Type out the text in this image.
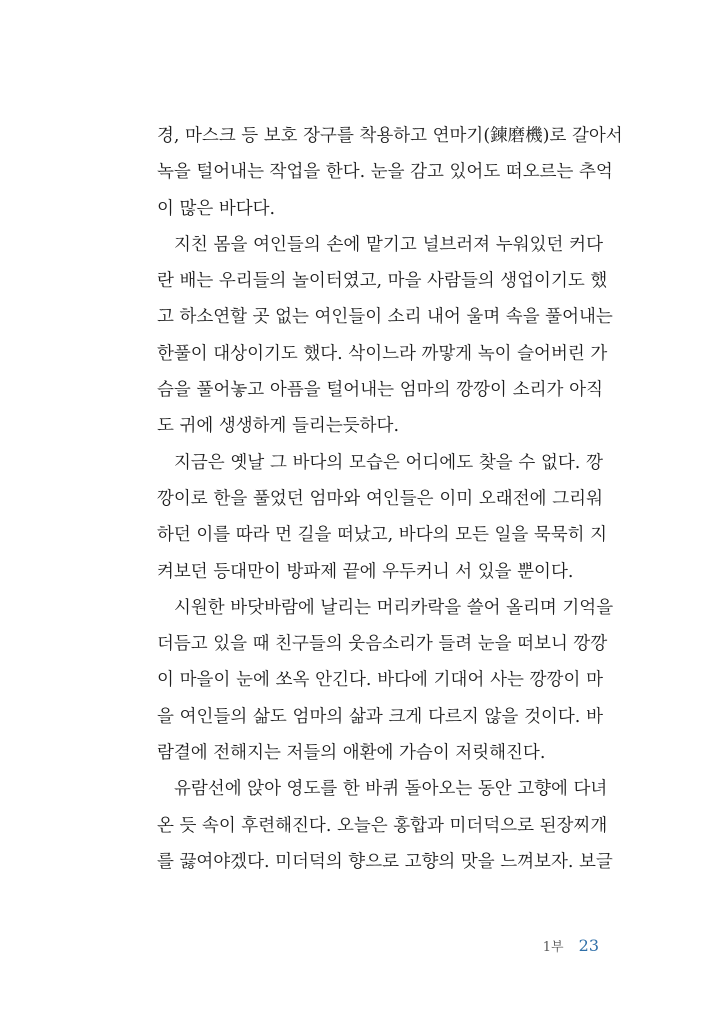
경, 마스크 등 보호 장구를 착용하고 연마기(鍊磨機)로 갈아서
녹을 털어내는 작업을 한다. 눈을 감고 있어도 떠오르는 추억
이 많은 바다다.
지친 몸을 여인들의 손에 맡기고 널브러져 누워있던 커다
란 배는 우리들의 놀이터였고, 마을 사람들의 생업이기도 했
고 하소연할 곳 없는 여인들이 소리 내어 울며 속을 풀어내는
한풀이 대상이기도 했다. 삭이느라 까맣게 녹이 슬어버린 가
슴을 풀어놓고 아픔을 털어내는 엄마의 깡깡이 소리가 아직
도 귀에 생생하게 들리는듯하다.
지금은 옛날 그 바다의 모습은 어디에도 찾을 수 없다. 깡
깡이로 한을 풀었던 엄마와 여인들은 이미 오래전에 그리워
하던 이를 따라 먼 길을 떠났고, 바다의 모든 일을 묵묵히 지
켜보던 등대만이 방파제 끝에 우두커니 서 있을 뿐이다.
시원한 바닷바람에 날리는 머리카락을 쓸어 올리며 기억을
더듬고 있을 때 친구들의 웃음소리가 들려 눈을 떠보니 깡깡
이 마을이 눈에 쏘옥 안긴다. 바다에 기대어 사는 깡깡이 마
을 여인들의 삶도 엄마의 삶과 크게 다르지 않을 것이다. 바
람결에 전해지는 저들의 애환에 가슴이 저릿해진다.
유람선에 앉아 영도를 한 바퀴 돌아오는 동안 고향에 다녀
온 듯 속이 후련해진다. 오늘은 홍합과 미더덕으로 된장찌개
를 끓여야겠다. 미더덕의 향으로 고향의 맛을 느껴보자. 보글
1부 23
